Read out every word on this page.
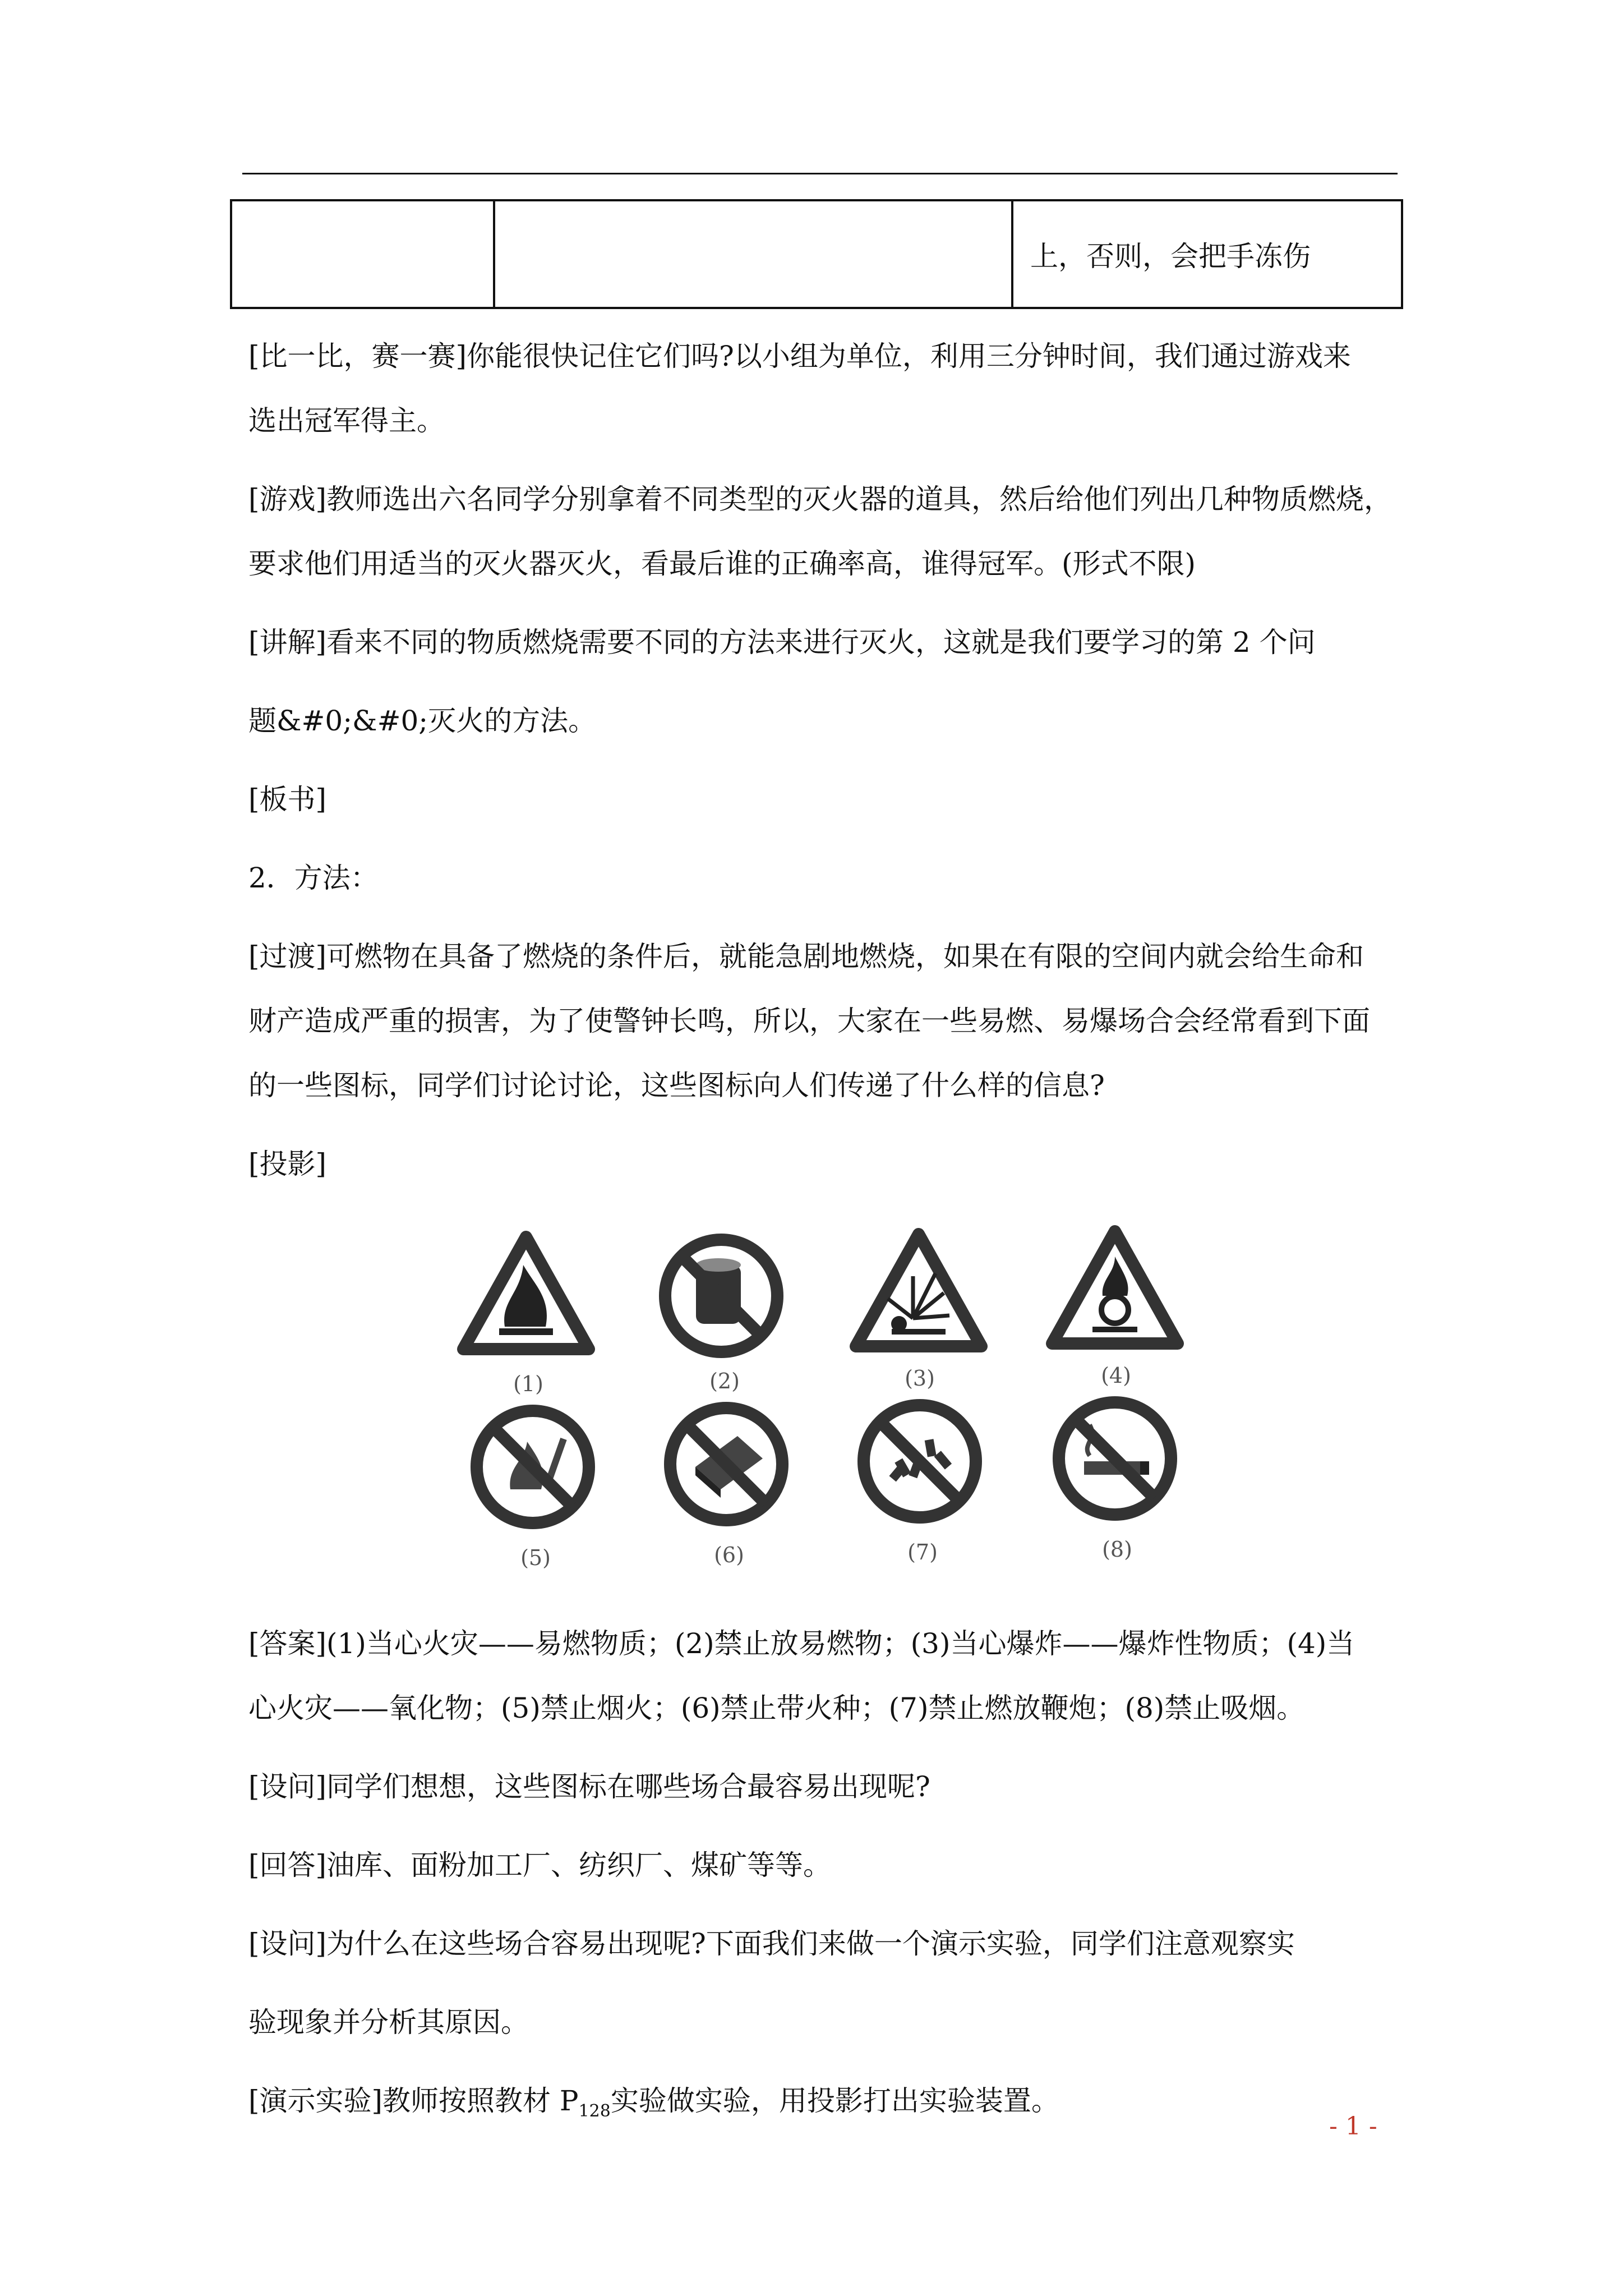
		上，否则，会把手冻伤
[比一比，赛一赛]你能很快记住它们吗?以小组为单位，利用三分钟时间，我们通过游戏来
选出冠军得主。
[游戏]教师选出六名同学分别拿着不同类型的灭火器的道具，然后给他们列出几种物质燃烧，
要求他们用适当的灭火器灭火，看最后谁的正确率高，谁得冠军。(形式不限)
[讲解]看来不同的物质燃烧需要不同的方法来进行灭火，这就是我们要学习的第 2 个问
题&#0;&#0;灭火的方法。
[板书]
2．方法：
[过渡]可燃物在具备了燃烧的条件后，就能急剧地燃烧，如果在有限的空间内就会给生命和
财产造成严重的损害，为了使警钟长鸣，所以，大家在一些易燃、易爆场合会经常看到下面
的一些图标，同学们讨论讨论，这些图标向人们传递了什么样的信息?
[投影]
(1)	(2)	(3)	(4)
(5)	(6)	(7)	(8)
[答案](1)当心火灾——易燃物质；(2)禁止放易燃物；(3)当心爆炸——爆炸性物质；(4)当
心火灾——氧化物；(5)禁止烟火；(6)禁止带火种；(7)禁止燃放鞭炮；(8)禁止吸烟。
[设问]同学们想想，这些图标在哪些场合最容易出现呢?
[回答]油库、面粉加工厂、纺织厂、煤矿等等。
[设问]为什么在这些场合容易出现呢?下面我们来做一个演示实验，同学们注意观察实
验现象并分析其原因。
[演示实验]教师按照教材 $P_{128}$实验做实验，用投影打出实验装置。
- 1 -
